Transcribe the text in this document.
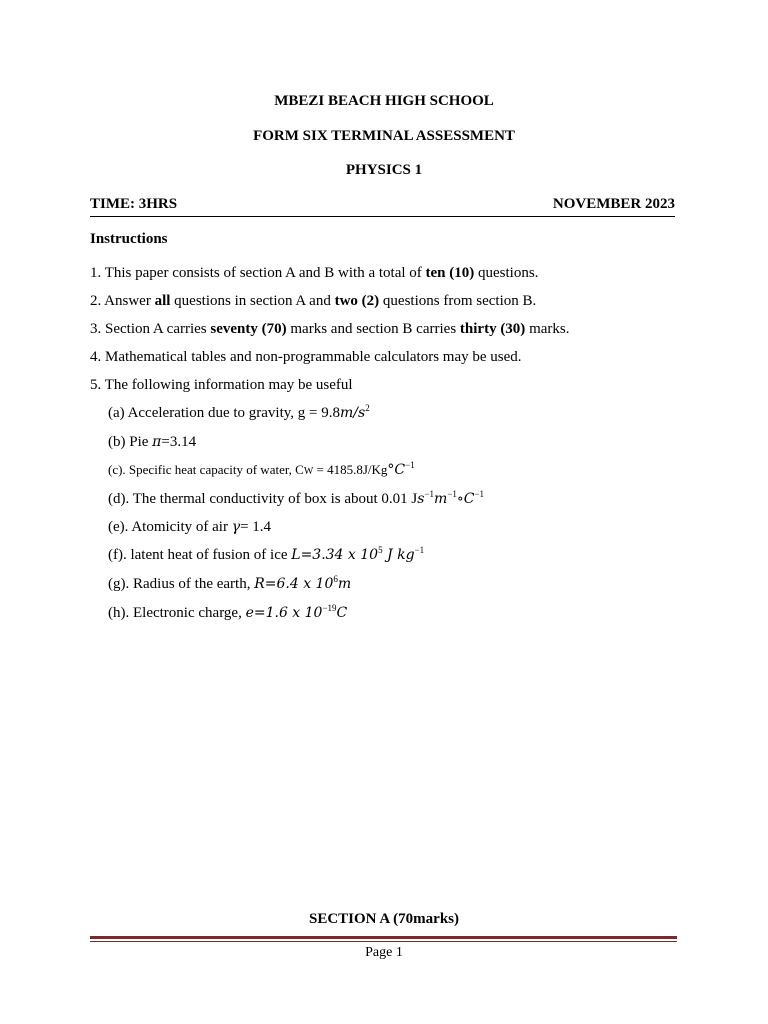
MBEZI BEACH HIGH SCHOOL
FORM SIX TERMINAL ASSESSMENT
PHYSICS 1
TIME: 3HRS	NOVEMBER 2023
Instructions
1. This paper consists of section A and B with a total of ten (10) questions.
2. Answer all questions in section A and two (2) questions from section B.
3. Section A carries seventy (70) marks and section B carries thirty (30) marks.
4. Mathematical tables and non-programmable calculators may be used.
5. The following information may be useful
(a) Acceleration due to gravity, $g = 9.8m/s^2$
(b) Pie π=3.14
(c). Specific heat capacity of water, CW = $4185.8J/Kg^\circ C^{-1}$
(d). The thermal conductivity of box is about 0.01 $Js^{-1}m^{-1}\circ C^{-1}$
(e). Atomicity of air γ= 1.4
(f). latent heat of fusion of ice L=3.34 x $10^5$ J $kg^{-1}$
(g). Radius of the earth, R=6.4 x $10^6m$
(h). Electronic charge, e=1.6 x $10^{-19}C$
SECTION A (70marks)
Page 1
